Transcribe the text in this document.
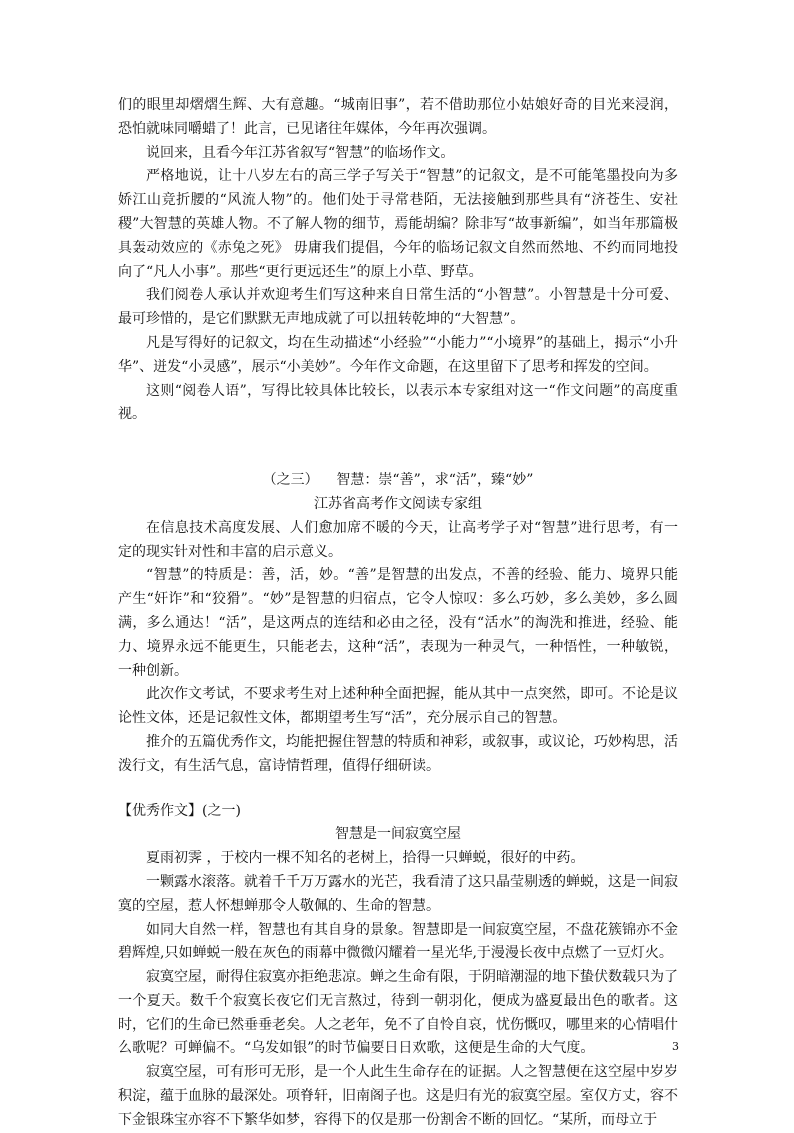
们的眼里却熠熠生辉、大有意趣。“城南旧事”，若不借助那位小姑娘好奇的目光来浸润，恐怕就味同嚼蜡了！此言，已见诸往年媒体，今年再次强调。

说回来，且看今年江苏省叙写“智慧”的临场作文。

严格地说，让十八岁左右的高三学子写关于“智慧”的记叙文，是不可能笔墨投向为多娇江山竞折腰的“风流人物”的。他们处于寻常巷陌，无法接触到那些具有“济苍生、安社稷”大智慧的英雄人物。不了解人物的细节，焉能胡编？除非写“故事新编”，如当年那篇极具轰动效应的《赤兔之死》 毋庸我们提倡，今年的临场记叙文自然而然地、不约而同地投向了“凡人小事”。那些“更行更远还生”的原上小草、野草。

我们阅卷人承认并欢迎考生们写这种来自日常生活的“小智慧”。小智慧是十分可爱、最可珍惜的，是它们默默无声地成就了可以扭转乾坤的“大智慧”。

凡是写得好的记叙文，均在生动描述“小经验”“小能力”“小境界”的基础上，揭示“小升华”、迸发“小灵感”，展示“小美妙”。今年作文命题，在这里留下了思考和挥发的空间。

这则“阅卷人语”，写得比较具体比较长，以表示本专家组对这一“作文问题”的高度重视。

（之三）    智慧：崇“善”，求“活”，臻“妙”

江苏省高考作文阅读专家组

在信息技术高度发展、人们愈加席不暖的今天，让高考学子对“智慧”进行思考，有一定的现实针对性和丰富的启示意义。

“智慧”的特质是：善，活，妙。“善”是智慧的出发点，不善的经验、能力、境界只能产生“奸诈”和“狡猾”。“妙”是智慧的归宿点，它令人惊叹：多么巧妙，多么美妙，多么圆满，多么通达！“活”，是这两点的连结和必由之径，没有“活水”的淘洗和推进，经验、能力、境界永远不能更生，只能老去，这种“活”，表现为一种灵气，一种悟性，一种敏锐，一种创新。

此次作文考试，不要求考生对上述种种全面把握，能从其中一点突然，即可。不论是议论性文体，还是记叙性文体，都期望考生写“活”，充分展示自己的智慧。

推介的五篇优秀作文，均能把握住智慧的特质和神彩，或叙事，或议论，巧妙构思，活泼行文，有生活气息，富诗情哲理，值得仔细研读。

【优秀作文】(之一)

智慧是一间寂寞空屋

夏雨初霁 ，于校内一棵不知名的老树上，拾得一只蝉蜕，很好的中药。

一颗露水滚落。就着千千万万露水的光芒，我看清了这只晶莹剔透的蝉蜕，这是一间寂寞的空屋，惹人怀想蝉那令人敬佩的、生命的智慧。

如同大自然一样，智慧也有其自身的景象。智慧即是一间寂寞空屋，不盘花簇锦亦不金碧辉煌,只如蝉蜕一般在灰色的雨幕中微微闪耀着一星光华,于漫漫长夜中点燃了一豆灯火。

寂寞空屋，耐得住寂寞亦拒绝悲凉。蝉之生命有限，于阴暗潮湿的地下蛰伏数载只为了一个夏天。数千个寂寞长夜它们无言熬过，待到一朝羽化，便成为盛夏最出色的歌者。这时，它们的生命已然垂垂老矣。人之老年，免不了自怜自哀，忧伤慨叹，哪里来的心情唱什么歌呢？可蝉偏不。“乌发如银”的时节偏要日日欢歌，这便是生命的大气度。

寂寞空屋，可有形可无形，是一个人此生生命存在的证据。人之智慧便在这空屋中岁岁积淀，蕴于血脉的最深处。项脊轩，旧南阁子也。这是归有光的寂寞空屋。室仅方丈，容不下金银珠宝亦容不下繁华如梦，容得下的仅是那一份割舍不断的回忆。“某所，而母立于

3
